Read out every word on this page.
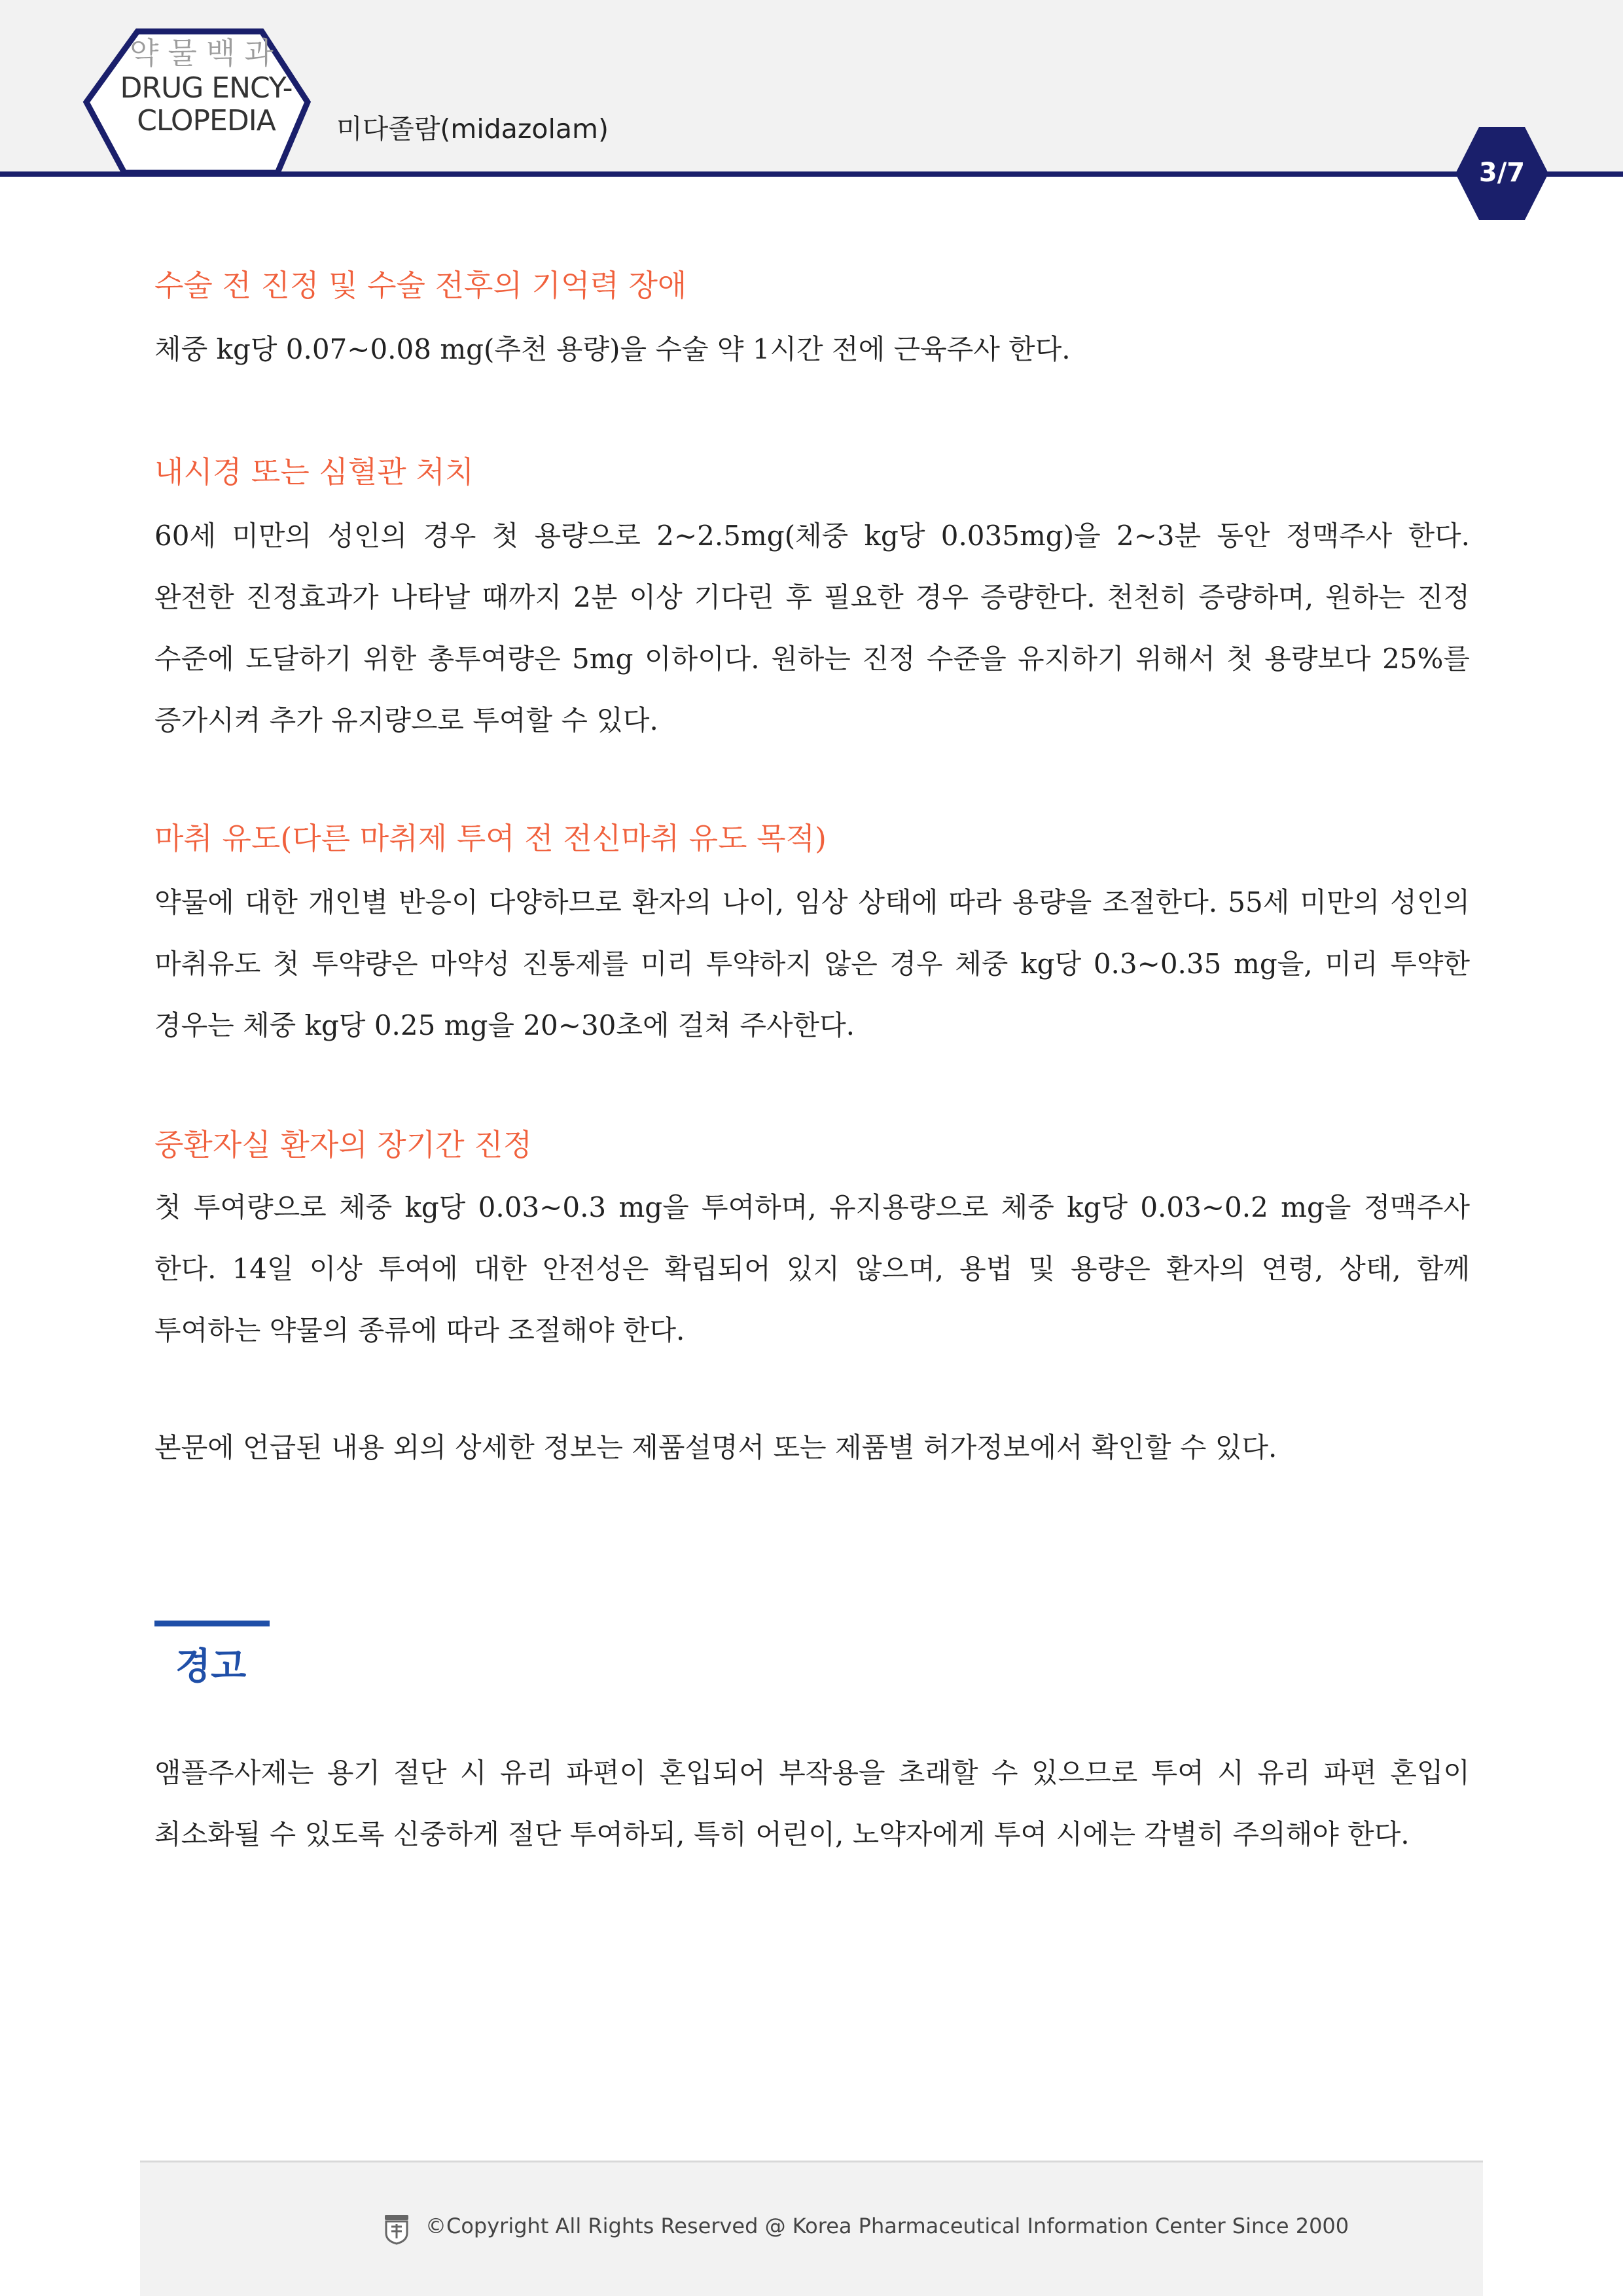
약물백과
DRUG ENCY-
CLOPEDIA	미다졸람(midazolam)
3/7
수술 전 진정 및 수술 전후의 기억력 장애
체중 kg당 0.07~0.08 mg(추천 용량)을 수술 약 1시간 전에 근육주사 한다.
내시경 또는 심혈관 처치
60세 미만의 성인의 경우 첫 용량으로 2~2.5mg(체중 kg당 0.035mg)을 2~3분 동안 정맥주사 한다. 완전한 진정효과가 나타날 때까지 2분 이상 기다린 후 필요한 경우 증량한다. 천천히 증량하며, 원하는 진정 수준에 도달하기 위한 총투여량은 5mg 이하이다. 원하는 진정 수준을 유지하기 위해서 첫 용량보다 25%를 증가시켜 추가 유지량으로 투여할 수 있다.
마취 유도(다른 마취제 투여 전 전신마취 유도 목적)
약물에 대한 개인별 반응이 다양하므로 환자의 나이, 임상 상태에 따라 용량을 조절한다. 55세 미만의 성인의 마취유도 첫 투약량은 마약성 진통제를 미리 투약하지 않은 경우 체중 kg당 0.3~0.35 mg을, 미리 투약한 경우는 체중 kg당 0.25 mg을 20~30초에 걸쳐 주사한다.
중환자실 환자의 장기간 진정
첫 투여량으로 체중 kg당 0.03~0.3 mg을 투여하며, 유지용량으로 체중 kg당 0.03~0.2 mg을 정맥주사 한다. 14일 이상 투여에 대한 안전성은 확립되어 있지 않으며, 용법 및 용량은 환자의 연령, 상태, 함께 투여하는 약물의 종류에 따라 조절해야 한다.
본문에 언급된 내용 외의 상세한 정보는 제품설명서 또는 제품별 허가정보에서 확인할 수 있다.
앰플주사제는 용기 절단 시 유리 파편이 혼입되어 부작용을 초래할 수 있으므로 투여 시 유리 파편 혼입이 최소화될 수 있도록 신중하게 절단 투여하되, 특히 어린이, 노약자에게 투여 시에는 각별히 주의해야 한다.
경고
©Copyright All Rights Reserved @ Korea Pharmaceutical Information Center Since 2000
